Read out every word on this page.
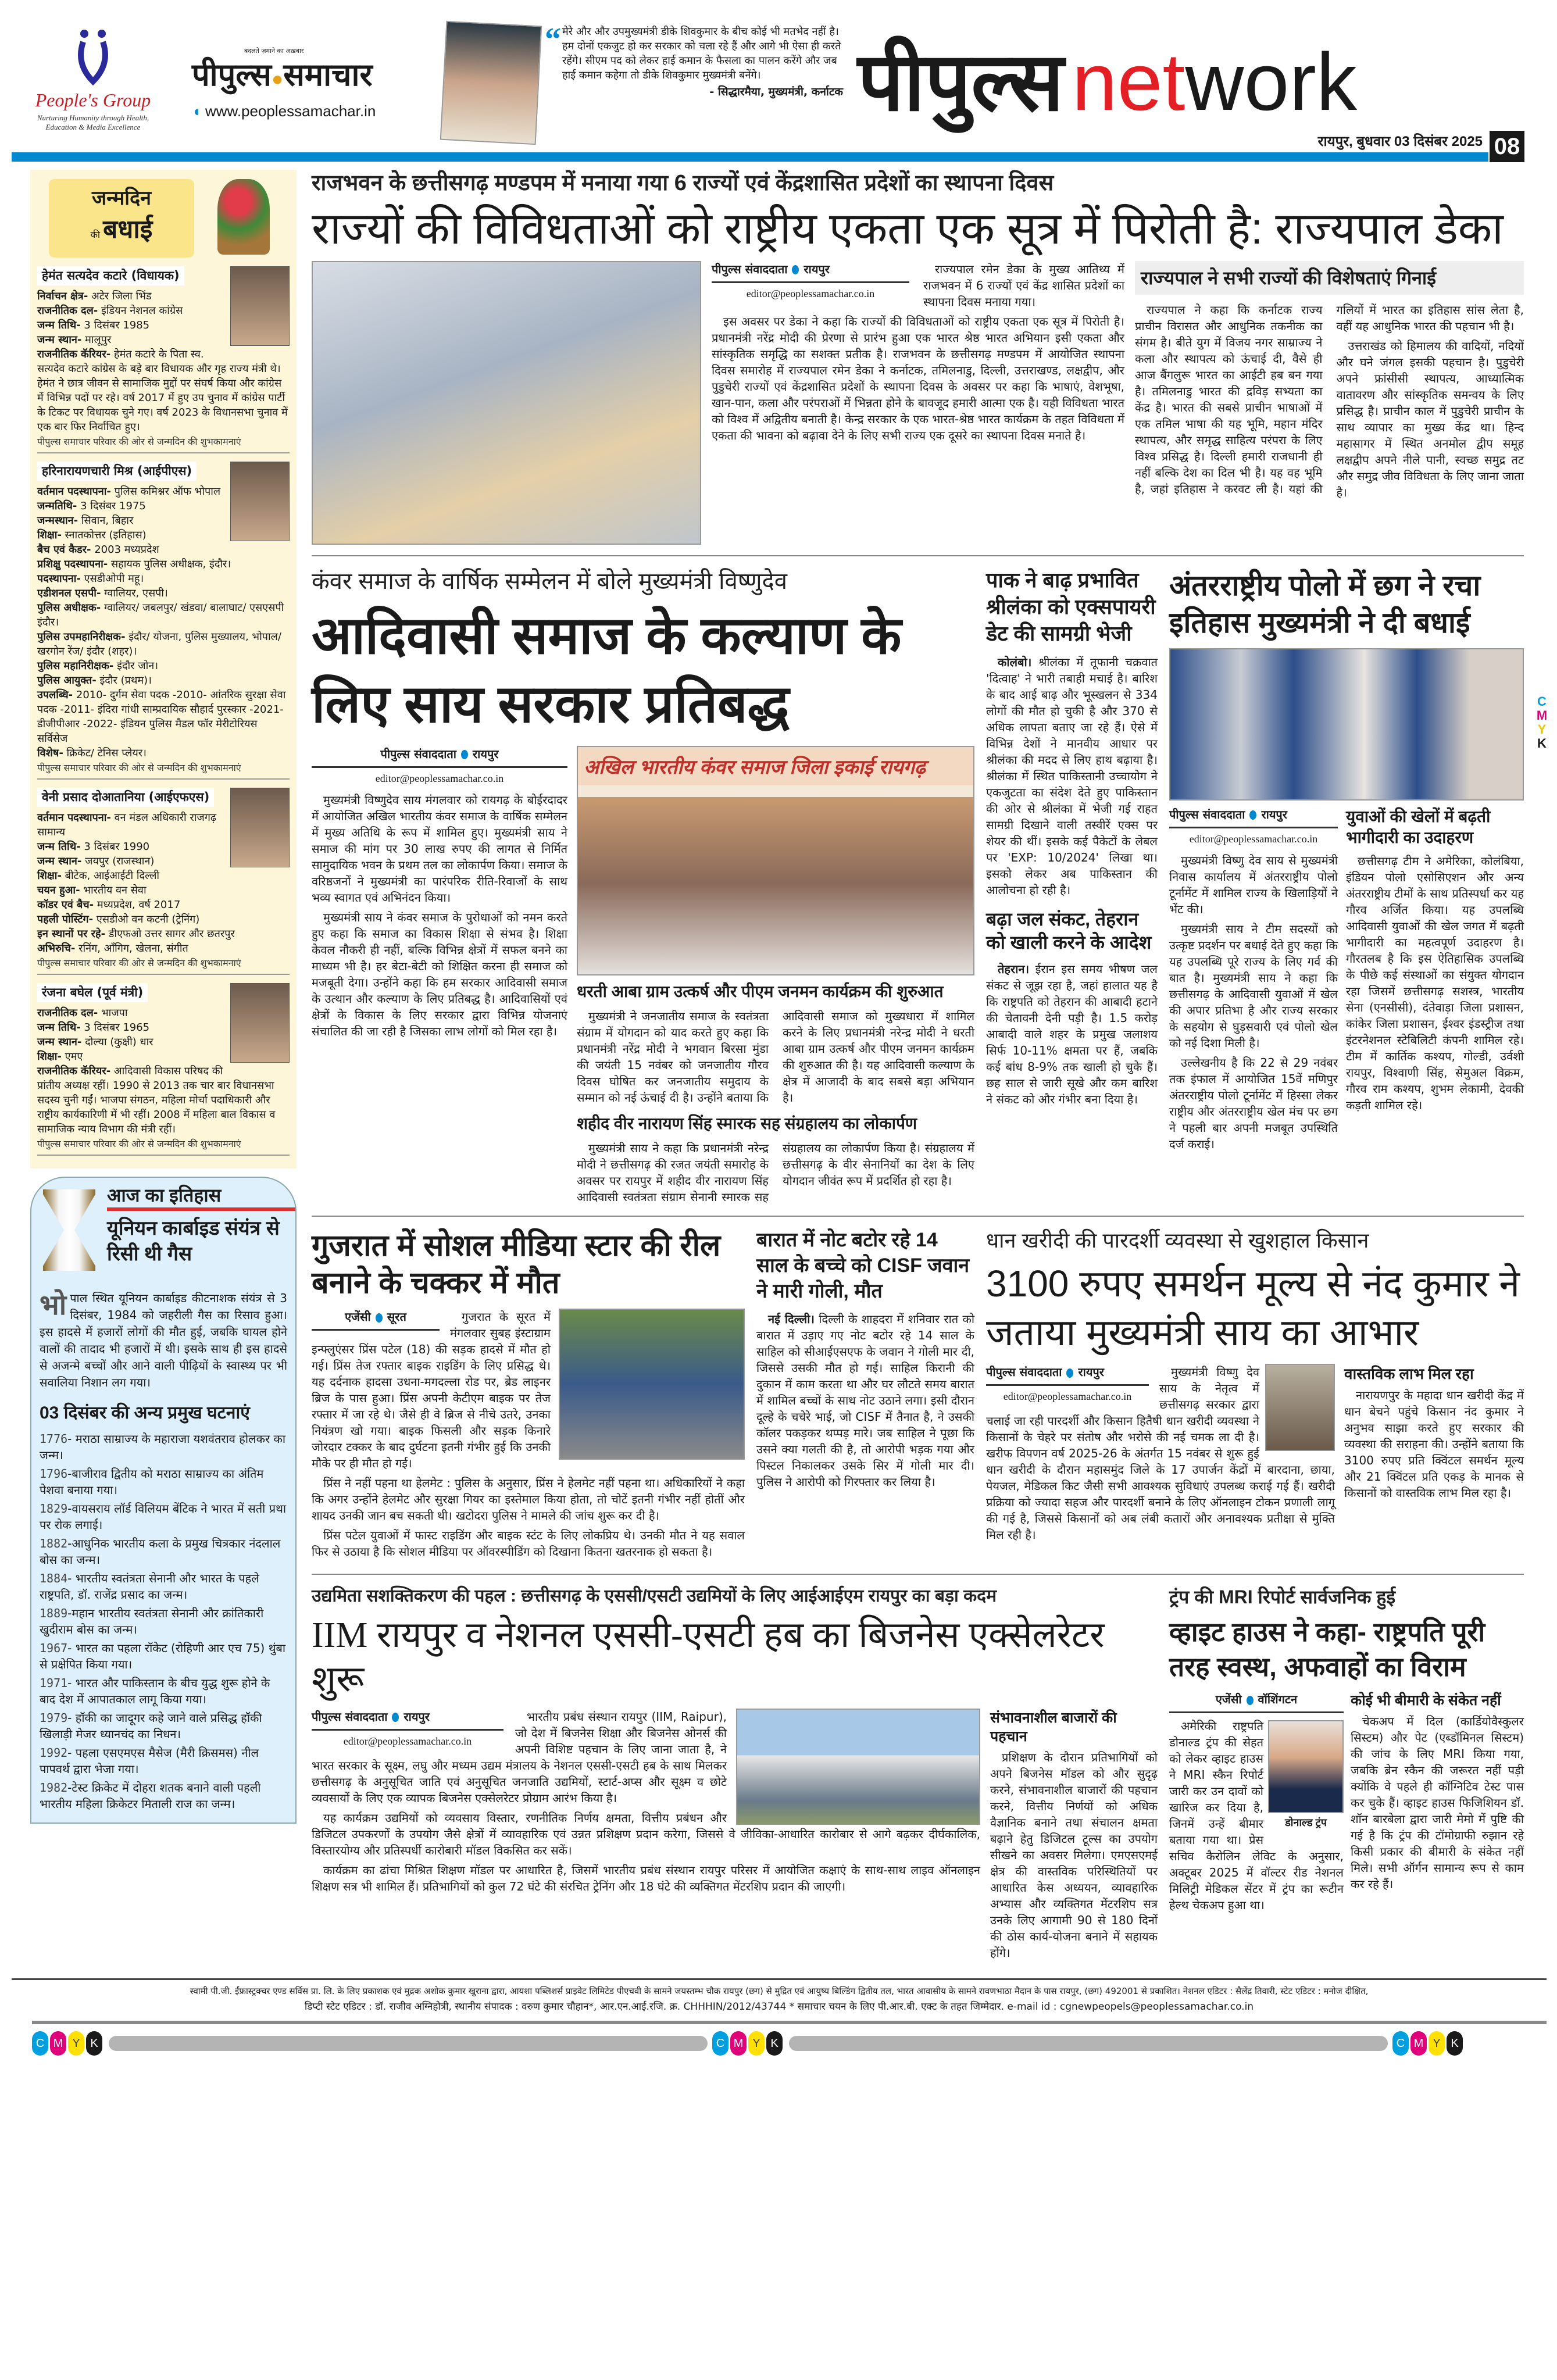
People's Group
Nurturing Humanity through Health, Education & Media Excellence
बदलते ज़माने का अख़बार
पीपुल्स●समाचार
◖ www.peoplessamachar.in
“ मेरे और और उपमुख्यमंत्री डीके शिवकुमार के बीच कोई भी मतभेद नहीं है। हम दोनों एकजुट हो कर सरकार को चला रहे हैं और आगे भी ऐसा ही करते रहेंगे। सीएम पद को लेकर हाई कमान के फैसला का पालन करेंगे और जब हाई कमान कहेगा तो डीके शिवकुमार मुख्यमंत्री बनेंगे।
- सिद्धारमैया, मुख्यमंत्री, कर्नाटक पीपुल्स network
रायपुर, बुधवार 03 दिसंबर 2025 08
C
M
Y
K
जन्मदिन
की बधाई
हेमंत सत्यदेव कटारे (विधायक)
निर्वाचन क्षेत्र- अटेर जिला भिंड
राजनीतिक दल- इंडियन नेशनल कांग्रेस
जन्म तिथि- 3 दिसंबर 1985
जन्म स्थान- मालूपुर
राजनीतिक कॅरियर- हेमंत कटारे के पिता स्व. सत्यदेव कटारे कांग्रेस के बड़े बार विधायक और गृह राज्य मंत्री थे। हेमंत ने छात्र जीवन से सामाजिक मुद्दों पर संघर्ष किया और कांग्रेस में विभिन्न पदों पर रहे। वर्ष 2017 में हुए उप चुनाव में कांग्रेस पार्टी के टिकट पर विधायक चुने गए। वर्ष 2023 के विधानसभा चुनाव में एक बार फिर निर्वाचित हुए।
पीपुल्स समाचार परिवार की ओर से जन्मदिन की शुभकामनाएं
हरिनारायणचारी मिश्र (आईपीएस)
वर्तमान पदस्थापना- पुलिस कमिश्नर ऑफ भोपाल
जन्मतिथि- 3 दिसंबर 1975
जन्मस्थान- सिवान, बिहार
शिक्षा- स्नातकोत्तर (इतिहास)
बैच एवं कैडर- 2003 मध्यप्रदेश
प्रशिक्षु पदस्थापना- सहायक पुलिस अधीक्षक, इंदौर।
पदस्थापना- एसडीओपी महू।
एडीशनल एसपी- ग्वालियर, एसपी।
पुलिस अधीक्षक- ग्वालियर/ जबलपुर/ खंडवा/ बालाघाट/ एसएसपी इंदौर।
पुलिस उपमहानिरीक्षक- इंदौर/ योजना, पुलिस मुख्यालय, भोपाल/ खरगोन रेंज/ इंदौर (शहर)।
पुलिस महानिरीक्षक- इंदौर जोन।
पुलिस आयुक्त- इंदौर (प्रथम)।
उपलब्धि- 2010- दुर्गम सेवा पदक -2010- आंतरिक सुरक्षा सेवा पदक -2011- इंदिरा गांधी साम्प्रदायिक सौहार्द पुरस्कार -2021- डीजीपीआर -2022- इंडियन पुलिस मैडल फॉर मेरीटोरियस सर्विसेज
विशेष- क्रिकेट/ टेनिस प्लेयर।
पीपुल्स समाचार परिवार की ओर से जन्मदिन की शुभकामनाएं
वेनी प्रसाद दोआतानिया (आईएफएस)
वर्तमान पदस्थापना- वन मंडल अधिकारी राजगढ़ सामान्य
जन्म तिथि- 3 दिसंबर 1990
जन्म स्थान- जयपुर (राजस्थान)
शिक्षा- बीटेक, आईआईटी दिल्ली
चयन हुआ- भारतीय वन सेवा
कॉडर एवं बैच- मध्यप्रदेश, वर्ष 2017
पहली पोस्टिंग- एसडीओ वन कटनी (ट्रेनिंग)
इन स्थानों पर रहे- डीएफओ उत्तर सागर और छतरपुर
अभिरुचि- रनिंग, ऑंगिग, खेलना, संगीत
पीपुल्स समाचार परिवार की ओर से जन्मदिन की शुभकामनाएं
रंजना बघेल (पूर्व मंत्री)
राजनीतिक दल- भाजपा
जन्म तिथि- 3 दिसंबर 1965
जन्म स्थान- दोल्या (कुक्षी) धार
शिक्षा- एमए
राजनीतिक कॅरियर- आदिवासी विकास परिषद की प्रांतीय अध्यक्ष रहीं। 1990 से 2013 तक चार बार विधानसभा सदस्य चुनी गईं। भाजपा संगठन, महिला मोर्चा पदाधिकारी और राष्ट्रीय कार्यकारिणी में भी रहीं। 2008 में महिला बाल विकास व सामाजिक न्याय विभाग की मंत्री रहीं।
पीपुल्स समाचार परिवार की ओर से जन्मदिन की शुभकामनाएं
आज का इतिहास
यूनियन कार्बाइड संयंत्र से रिसी थी गैस
भो पाल स्थित यूनियन कार्बाइड कीटनाशक संयंत्र से 3 दिसंबर, 1984 को जहरीली गैस का रिसाव हुआ। इस हादसे में हजारों लोगों की मौत हुई, जबकि घायल होने वालों की तादाद भी हजारों में थी। इसके साथ ही इस हादसे से अजन्मे बच्चों और आने वाली पीढ़ियों के स्वास्थ्य पर भी सवालिया निशान लग गया।
03 दिसंबर की अन्य प्रमुख घटनाएं
1776- मराठा साम्राज्य के महाराजा यशवंतराव होलकर का जन्म।
1796-बाजीराव द्वितीय को मराठा साम्राज्य का अंतिम पेशवा बनाया गया।
1829-वायसराय लॉर्ड विलियम बेंटिक ने भारत में सती प्रथा पर रोक लगाई।
1882-आधुनिक भारतीय कला के प्रमुख चित्रकार नंदलाल बोस का जन्म।
1884- भारतीय स्वतंत्रता सेनानी और भारत के पहले राष्ट्रपति, डॉ. राजेंद्र प्रसाद का जन्म।
1889-महान भारतीय स्वतंत्रता सेनानी और क्रांतिकारी खुदीराम बोस का जन्म।
1967- भारत का पहला रॉकेट (रोहिणी आर एच 75) थुंबा से प्रक्षेपित किया गया।
1971- भारत और पाकिस्तान के बीच युद्ध शुरू होने के बाद देश में आपातकाल लागू किया गया।
1979- हॉकी का जादूगर कहे जाने वाले प्रसिद्ध हॉकी खिलाड़ी मेजर ध्यानचंद का निधन।
1992- पहला एसएमएस मैसेज (मैरी क्रिसमस) नील पापवर्थ द्वारा भेजा गया।
1982-टेस्ट क्रिकेट में दोहरा शतक बनाने वाली पहली भारतीय महिला क्रिकेटर मिताली राज का जन्म।
राजभवन के छत्तीसगढ़ मण्डपम में मनाया गया 6 राज्यों एवं केंद्रशासित प्रदेशों का स्थापना दिवस
राज्यों की विविधताओं को राष्ट्रीय एकता एक सूत्र में पिरोती है: राज्यपाल डेका
पीपुल्स संवाददाता रायपुर
editor@peoplessamachar.co.in

राज्यपाल रमेन डेका के मुख्य आतिथ्य में राजभवन में 6 राज्यों एवं केंद्र शासित प्रदेशों का स्थापना दिवस मनाया गया।

इस अवसर पर डेका ने कहा कि राज्यों की विविधताओं को राष्ट्रीय एकता एक सूत्र में पिरोती है। प्रधानमंत्री नरेंद्र मोदी की प्रेरणा से प्रारंभ हुआ एक भारत श्रेष्ठ भारत अभियान इसी एकता और सांस्कृतिक समृद्धि का सशक्त प्रतीक है। राजभवन के छत्तीसगढ़ मण्डपम में आयोजित स्थापना दिवस समारोह में राज्यपाल रमेन डेका ने कर्नाटक, तमिलनाडु, दिल्ली, उत्तराखण्ड, लक्षद्वीप, और पुडुचेरी राज्यों एवं केंद्रशासित प्रदेशों के स्थापना दिवस के अवसर पर कहा कि भाषाएं, वेशभूषा, खान-पान, कला और परंपराओं में भिन्नता होने के बावजूद हमारी आत्मा एक है। यही विविधता भारत को विश्व में अद्वितीय बनाती है। केन्द्र सरकार के एक भारत-श्रेष्ठ भारत कार्यक्रम के तहत विविधता में एकता की भावना को बढ़ावा देने के लिए सभी राज्य एक दूसरे का स्थापना दिवस मनाते है।

राज्यपाल ने सभी राज्यों की विशेषताएं गिनाई

राज्यपाल ने कहा कि कर्नाटक राज्य प्राचीन विरासत और आधुनिक तकनीक का संगम है। बीते युग में विजय नगर साम्राज्य ने कला और स्थापत्य को ऊंचाई दी, वैसे ही आज बैंगलुरू भारत का आईटी हब बन गया है। तमिलनाडु भारत की द्रविड़ सभ्यता का केंद्र है। भारत की सबसे प्राचीन भाषाओं में एक तमिल भाषा की यह भूमि, महान मंदिर स्थापत्य, और समृद्ध साहित्य परंपरा के लिए विश्व प्रसिद्ध है। दिल्ली हमारी राजधानी ही नहीं बल्कि देश का दिल भी है। यह वह भूमि है, जहां इतिहास ने करवट ली है। यहां की गलियों में भारत का इतिहास सांस लेता है, वहीं यह आधुनिक भारत की पहचान भी है।

उत्तराखंड को हिमालय की वादियों, नदियों और घने जंगल इसकी पहचान है। पुडुचेरी अपने फ्रांसीसी स्थापत्य, आध्यात्मिक वातावरण और सांस्कृतिक समन्वय के लिए प्रसिद्ध है। प्राचीन काल में पुडुचेरी प्राचीन के साथ व्यापार का मुख्य केंद्र था। हिन्द महासागर में स्थित अनमोल द्वीप समूह लक्षद्वीप अपने नीले पानी, स्वच्छ समुद्र तट और समुद्र जीव विविधता के लिए जाना जाता है।

कंवर समाज के वार्षिक सम्मेलन में बोले मुख्यमंत्री विष्णुदेव
आदिवासी समाज के कल्याण के लिए साय सरकार प्रतिबद्ध
पीपुल्स संवाददाता रायपुर
editor@peoplessamachar.co.in

मुख्यमंत्री विष्णुदेव साय मंगलवार को रायगढ़ के बोईरदादर में आयोजित अखिल भारतीय कंवर समाज के वार्षिक सम्मेलन में मुख्य अतिथि के रूप में शामिल हुए। मुख्यमंत्री साय ने समाज की मांग पर 30 लाख रुपए की लागत से निर्मित सामुदायिक भवन के प्रथम तल का लोकार्पण किया। समाज के वरिष्ठजनों ने मुख्यमंत्री का पारंपरिक रीति-रिवाजों के साथ भव्य स्वागत एवं अभिनंदन किया।

मुख्यमंत्री साय ने कंवर समाज के पुरोधाओं को नमन करते हुए कहा कि समाज का विकास शिक्षा से संभव है। शिक्षा केवल नौकरी ही नहीं, बल्कि विभिन्न क्षेत्रों में सफल बनने का माध्यम भी है। हर बेटा-बेटी को शिक्षित करना ही समाज को मजबूती देगा। उन्होंने कहा कि हम सरकार आदिवासी समाज के उत्थान और कल्याण के लिए प्रतिबद्ध है। आदिवासियों एवं क्षेत्रों के विकास के लिए सरकार द्वारा विभिन्न योजनाएं संचालित की जा रही है जिसका लाभ लोगों को मिल रहा है।

अखिल भारतीय कंवर समाज जिला इकाई रायगढ़
धरती आबा ग्राम उत्कर्ष और पीएम जनमन कार्यक्रम की शुरुआत

मुख्यमंत्री ने जनजातीय समाज के स्वतंत्रता संग्राम में योगदान को याद करते हुए कहा कि प्रधानमंत्री नरेंद्र मोदी ने भगवान बिरसा मुंडा की जयंती 15 नवंबर को जनजातीय गौरव दिवस घोषित कर जनजातीय समुदाय के सम्मान को नई ऊंचाई दी है। उन्होंने बताया कि आदिवासी समाज को मुख्यधारा में शामिल करने के लिए प्रधानमंत्री नरेन्द्र मोदी ने धरती आबा ग्राम उत्कर्ष और पीएम जनमन कार्यक्रम की शुरुआत की है। यह आदिवासी कल्याण के क्षेत्र में आजादी के बाद सबसे बड़ा अभियान है।

शहीद वीर नारायण सिंह स्मारक सह संग्रहालय का लोकार्पण

मुख्यमंत्री साय ने कहा कि प्रधानमंत्री नरेन्द्र मोदी ने छत्तीसगढ़ की रजत जयंती समारोह के अवसर पर रायपुर में शहीद वीर नारायण सिंह आदिवासी स्वतंत्रता संग्राम सेनानी स्मारक सह संग्रहालय का लोकार्पण किया है। संग्रहालय में छत्तीसगढ़ के वीर सेनानियों का देश के लिए योगदान जीवंत रूप में प्रदर्शित हो रहा है।

पाक ने बाढ़ प्रभावित श्रीलंका को एक्सपायरी डेट की सामग्री भेजी

कोलंबो। श्रीलंका में तूफानी चक्रवात 'दित्वाह' ने भारी तबाही मचाई है। बारिश के बाद आई बाढ़ और भूस्खलन से 334 लोगों की मौत हो चुकी है और 370 से अधिक लापता बताए जा रहे हैं। ऐसे में विभिन्न देशों ने मानवीय आधार पर श्रीलंका की मदद से लिए हाथ बढ़ाया है। श्रीलंका में स्थित पाकिस्तानी उच्चायोग ने एकजुटता का संदेश देते हुए पाकिस्तान की ओर से श्रीलंका में भेजी गई राहत सामग्री दिखाने वाली तस्वीरें एक्स पर शेयर की थीं। इसके कई पैकेटों के लेबल पर 'EXP: 10/2024' लिखा था। इसको लेकर अब पाकिस्तान की आलोचना हो रही है।

बढ़ा जल संकट, तेहरान को खाली करने के आदेश

तेहरान। ईरान इस समय भीषण जल संकट से जूझ रहा है, जहां हालात यह है कि राष्ट्रपति को तेहरान की आबादी हटाने की चेतावनी देनी पड़ी है। 1.5 करोड़ आबादी वाले शहर के प्रमुख जलाशय सिर्फ 10-11% क्षमता पर हैं, जबकि कई बांध 8-9% तक खाली हो चुके हैं। छह साल से जारी सूखे और कम बारिश ने संकट को और गंभीर बना दिया है।

अंतरराष्ट्रीय पोलो में छग ने रचा इतिहास मुख्यमंत्री ने दी बधाई
पीपुल्स संवाददाता रायपुर
editor@peoplessamachar.co.in

मुख्यमंत्री विष्णु देव साय से मुख्यमंत्री निवास कार्यालय में अंतरराष्ट्रीय पोलो टूर्नामेंट में शामिल राज्य के खिलाड़ियों ने भेंट की।

मुख्यमंत्री साय ने टीम सदस्यों को उत्कृष्ट प्रदर्शन पर बधाई देते हुए कहा कि यह उपलब्धि पूरे राज्य के लिए गर्व की बात है। मुख्यमंत्री साय ने कहा कि छत्तीसगढ़ के आदिवासी युवाओं में खेल की अपार प्रतिभा है और राज्य सरकार के सहयोग से घुड़सवारी एवं पोलो खेल को नई दिशा मिली है।

उल्लेखनीय है कि 22 से 29 नवंबर तक इंफाल में आयोजित 15वें मणिपुर अंतरराष्ट्रीय पोलो टूर्नामेंट में हिस्सा लेकर राष्ट्रीय और अंतरराष्ट्रीय खेल मंच पर छग ने पहली बार अपनी मजबूत उपस्थिति दर्ज कराई।

युवाओं की खेलों में बढ़ती भागीदारी का उदाहरण

छत्तीसगढ़ टीम ने अमेरिका, कोलंबिया, इंडियन पोलो एसोसिएशन और अन्य अंतरराष्ट्रीय टीमों के साथ प्रतिस्पर्धा कर यह गौरव अर्जित किया। यह उपलब्धि आदिवासी युवाओं की खेल जगत में बढ़ती भागीदारी का महत्वपूर्ण उदाहरण है। गौरतलब है कि इस ऐतिहासिक उपलब्धि के पीछे कई संस्थाओं का संयुक्त योगदान रहा जिसमें छत्तीसगढ़ सशस्त्र, भारतीय सेना (एनसीसी), दंतेवाड़ा जिला प्रशासन, कांकेर जिला प्रशासन, ईश्वर इंडस्ट्रीज तथा इंटरनेशनल स्टेबिलिटी कंपनी शामिल रहे। टीम में कार्तिक कश्यप, गोल्डी, उर्वशी रायपुर, विश्वाणी सिंह, सेमुअल विक्रम, गौरव राम कश्यप, शुभम लेकामी, देवकी कड़ती शामिल रहे।

गुजरात में सोशल मीडिया स्टार की रील बनाने के चक्कर में मौत
एजेंसी सूरत	गुजरात के सूरत में मंगलवार सुबह इंस्टाग्राम इन्फ्लुएंसर प्रिंस पटेल (18) की सड़क हादसे में मौत हो गई। प्रिंस तेज रफ्तार बाइक राइडिंग के लिए प्रसिद्ध थे। यह दर्दनाक हादसा उधना-मगदल्ला रोड पर, ब्रेड लाइनर ब्रिज के पास हुआ। प्रिंस अपनी केटीएम बाइक पर तेज रफ्तार में जा रहे थे। जैसे ही वे ब्रिज से नीचे उतरे, उनका नियंत्रण खो गया। बाइक फिसली और सड़क किनारे जोरदार टक्कर के बाद दुर्घटना इतनी गंभीर हुई कि उनकी मौके पर ही मौत हो गई।

प्रिंस ने नहीं पहना था हेलमेट : पुलिस के अनुसार, प्रिंस ने हेलमेट नहीं पहना था। अधिकारियों ने कहा कि अगर उन्होंने हेलमेट और सुरक्षा गियर का इस्तेमाल किया होता, तो चोटें इतनी गंभीर नहीं होतीं और शायद उनकी जान बच सकती थी। खटोदरा पुलिस ने मामले की जांच शुरू कर दी है।

प्रिंस पटेल युवाओं में फास्ट राइडिंग और बाइक स्टंट के लिए लोकप्रिय थे। उनकी मौत ने यह सवाल फिर से उठाया है कि सोशल मीडिया पर ऑवरस्पीडिंग को दिखाना कितना खतरनाक हो सकता है।

बारात में नोट बटोर रहे 14 साल के बच्चे को CISF जवान ने मारी गोली, मौत

नई दिल्ली। दिल्ली के शाहदरा में शनिवार रात को बारात में उड़ाए गए नोट बटोर रहे 14 साल के साहिल को सीआईएसएफ के जवान ने गोली मार दी, जिससे उसकी मौत हो गई। साहिल किरानी की दुकान में काम करता था और घर लौटते समय बारात में शामिल बच्चों के साथ नोट उठाने लगा। इसी दौरान दूल्हे के चचेरे भाई, जो CISF में तैनात है, ने उसकी कॉलर पकड़कर थप्पड़ मारे। जब साहिल ने पूछा कि उसने क्या गलती की है, तो आरोपी भड़क गया और पिस्टल निकालकर उसके सिर में गोली मार दी। पुलिस ने आरोपी को गिरफ्तार कर लिया है।

धान खरीदी की पारदर्शी व्यवस्था से खुशहाल किसान
3100 रुपए समर्थन मूल्य से नंद कुमार ने जताया मुख्यमंत्री साय का आभार
पीपुल्स संवाददाता रायपुर
editor@peoplessamachar.co.in

मुख्यमंत्री विष्णु देव साय के नेतृत्व में छत्तीसगढ़ सरकार द्वारा चलाई जा रही पारदर्शी और किसान हितैषी धान खरीदी व्यवस्था ने किसानों के चेहरे पर संतोष और भरोसे की नई चमक ला दी है। खरीफ विपणन वर्ष 2025-26 के अंतर्गत 15 नवंबर से शुरू हुई धान खरीदी के दौरान महासमुंद जिले के 17 उपार्जन केंद्रों में बारदाना, छाया, पेयजल, मेडिकल किट जैसी सभी आवश्यक सुविधाएं उपलब्ध कराई गई हैं। खरीदी प्रक्रिया को ज्यादा सहज और पारदर्शी बनाने के लिए ऑनलाइन टोकन प्रणाली लागू की गई है, जिससे किसानों को अब लंबी कतारों और अनावश्यक प्रतीक्षा से मुक्ति मिल रही है।

वास्तविक लाभ मिल रहा

नारायणपुर के महादा धान खरीदी केंद्र में धान बेचने पहुंचे किसान नंद कुमार ने अनुभव साझा करते हुए सरकार की व्यवस्था की सराहना की। उन्होंने बताया कि 3100 रुपए प्रति क्विंटल समर्थन मूल्य और 21 क्विंटल प्रति एकड़ के मानक से किसानों को वास्तविक लाभ मिल रहा है।

उद्यमिता सशक्तिकरण की पहल : छत्तीसगढ़ के एससी/एसटी उद्यमियों के लिए आईआईएम रायपुर का बड़ा कदम
IIM रायपुर व नेशनल एससी-एसटी हब का बिजनेस एक्सेलरेटर शुरू
पीपुल्स संवाददाता रायपुर
editor@peoplessamachar.co.in

भारतीय प्रबंध संस्थान रायपुर (IIM, Raipur), जो देश में बिजनेस शिक्षा और बिजनेस ओनर्स की अपनी विशिष्ट पहचान के लिए जाना जाता है, ने भारत सरकार के सूक्ष्म, लघु और मध्यम उद्यम मंत्रालय के नेशनल एससी-एसटी हब के साथ मिलकर छत्तीसगढ़ के अनुसूचित जाति एवं अनुसूचित जनजाति उद्यमियों, स्टार्ट-अप्स और सूक्ष्म व छोटे व्यवसायों के लिए एक व्यापक बिजनेस एक्सेलरेटर प्रोग्राम आरंभ किया है।

यह कार्यक्रम उद्यमियों को व्यवसाय विस्तार, रणनीतिक निर्णय क्षमता, वित्तीय प्रबंधन और डिजिटल उपकरणों के उपयोग जैसे क्षेत्रों में व्यावहारिक एवं उन्नत प्रशिक्षण प्रदान करेगा, जिससे वे जीविका-आधारित कारोबार से आगे बढ़कर दीर्घकालिक, विस्तारयोग्य और प्रतिस्पर्धी कारोबारी मॉडल विकसित कर सकें।

कार्यक्रम का ढांचा मिश्रित शिक्षण मॉडल पर आधारित है, जिसमें भारतीय प्रबंध संस्थान रायपुर परिसर में आयोजित कक्षाएं के साथ-साथ लाइव ऑनलाइन शिक्षण सत्र भी शामिल हैं। प्रतिभागियों को कुल 72 घंटे की संरचित ट्रेनिंग और 18 घंटे की व्यक्तिगत मेंटरशिप प्रदान की जाएगी।

संभावनाशील बाजारों की पहचान

प्रशिक्षण के दौरान प्रतिभागियों को अपने बिजनेस मॉडल को और सुदृढ़ करने, संभावनाशील बाजारों की पहचान करने, वित्तीय निर्णयों को अधिक वैज्ञानिक बनाने तथा संचालन क्षमता बढ़ाने हेतु डिजिटल टूल्स का उपयोग सीखने का अवसर मिलेगा। एमएसएमई क्षेत्र की वास्तविक परिस्थितियों पर आधारित केस अध्ययन, व्यावहारिक अभ्यास और व्यक्तिगत मेंटरशिप सत्र उनके लिए आगामी 90 से 180 दिनों की ठोस कार्य-योजना बनाने में सहायक होंगे।

ट्रंप की MRI रिपोर्ट सार्वजनिक हुई
व्हाइट हाउस ने कहा- राष्ट्रपति पूरी तरह स्वस्थ, अफवाहों का विराम
एजेंसी वॉशिंगटन
डोनाल्ड ट्रंप

अमेरिकी राष्ट्रपति डोनाल्ड ट्रंप की सेहत को लेकर व्हाइट हाउस ने MRI स्कैन रिपोर्ट जारी कर उन दावों को खारिज कर दिया है, जिनमें उन्हें बीमार बताया गया था। प्रेस सचिव कैरोलिन लेविट के अनुसार, अक्टूबर 2025 में वॉल्टर रीड नेशनल मिलिट्री मेडिकल सेंटर में ट्रंप का रूटीन हेल्थ चेकअप हुआ था।

कोई भी बीमारी के संकेत नहीं

चेकअप में दिल (कार्डियोवैस्कुलर सिस्टम) और पेट (एब्डॉमिनल सिस्टम) की जांच के लिए MRI किया गया, जबकि ब्रेन स्कैन की जरूरत नहीं पड़ी क्योंकि वे पहले ही कॉग्निटिव टेस्ट पास कर चुके हैं। व्हाइट हाउस फिजिशियन डॉ. शॉन बारबेला द्वारा जारी मेमो में पुष्टि की गई है कि ट्रंप की टॉमोग्राफी रुझान रहे किसी प्रकार की बीमारी के संकेत नहीं मिले। सभी ऑर्गन सामान्य रूप से काम कर रहे हैं।

स्वामी पी.जी. ईंफ्रास्ट्रक्चर एण्ड सर्विस प्रा. लि. के लिए प्रकाशक एवं मुद्रक अशोक कुमार खुराना द्वारा, आयशा पब्लिशर्स प्राइवेट लिमिटेड पीएचवी के सामने जयस्तम्भ चौक रायपुर (छग) से मुद्रित एवं आयुष्य बिल्डिंग द्वितीय तल, भारत आवासीय के सामने रावणभाठा मैदान के पास रायपुर, (छग) 492001 से प्रकाशित। नेशनल एडिटर : सैलेंद्र तिवारी, स्टेट एडिटर : मनोज दीक्षित,
डिप्टी स्टेट एडिटर : डॉ. राजीव अग्निहोत्री, स्थानीय संपादक : वरुण कुमार चौहान*, आर.एन.आई.रजि. क्र. CHHHIN/2012/43744 * समाचार चयन के लिए पी.आर.बी. एक्ट के तहत जिम्मेदार. e-mail id : cgnewpeopels@peoplessamachar.co.in
C M Y K	C M Y K	C M Y K
